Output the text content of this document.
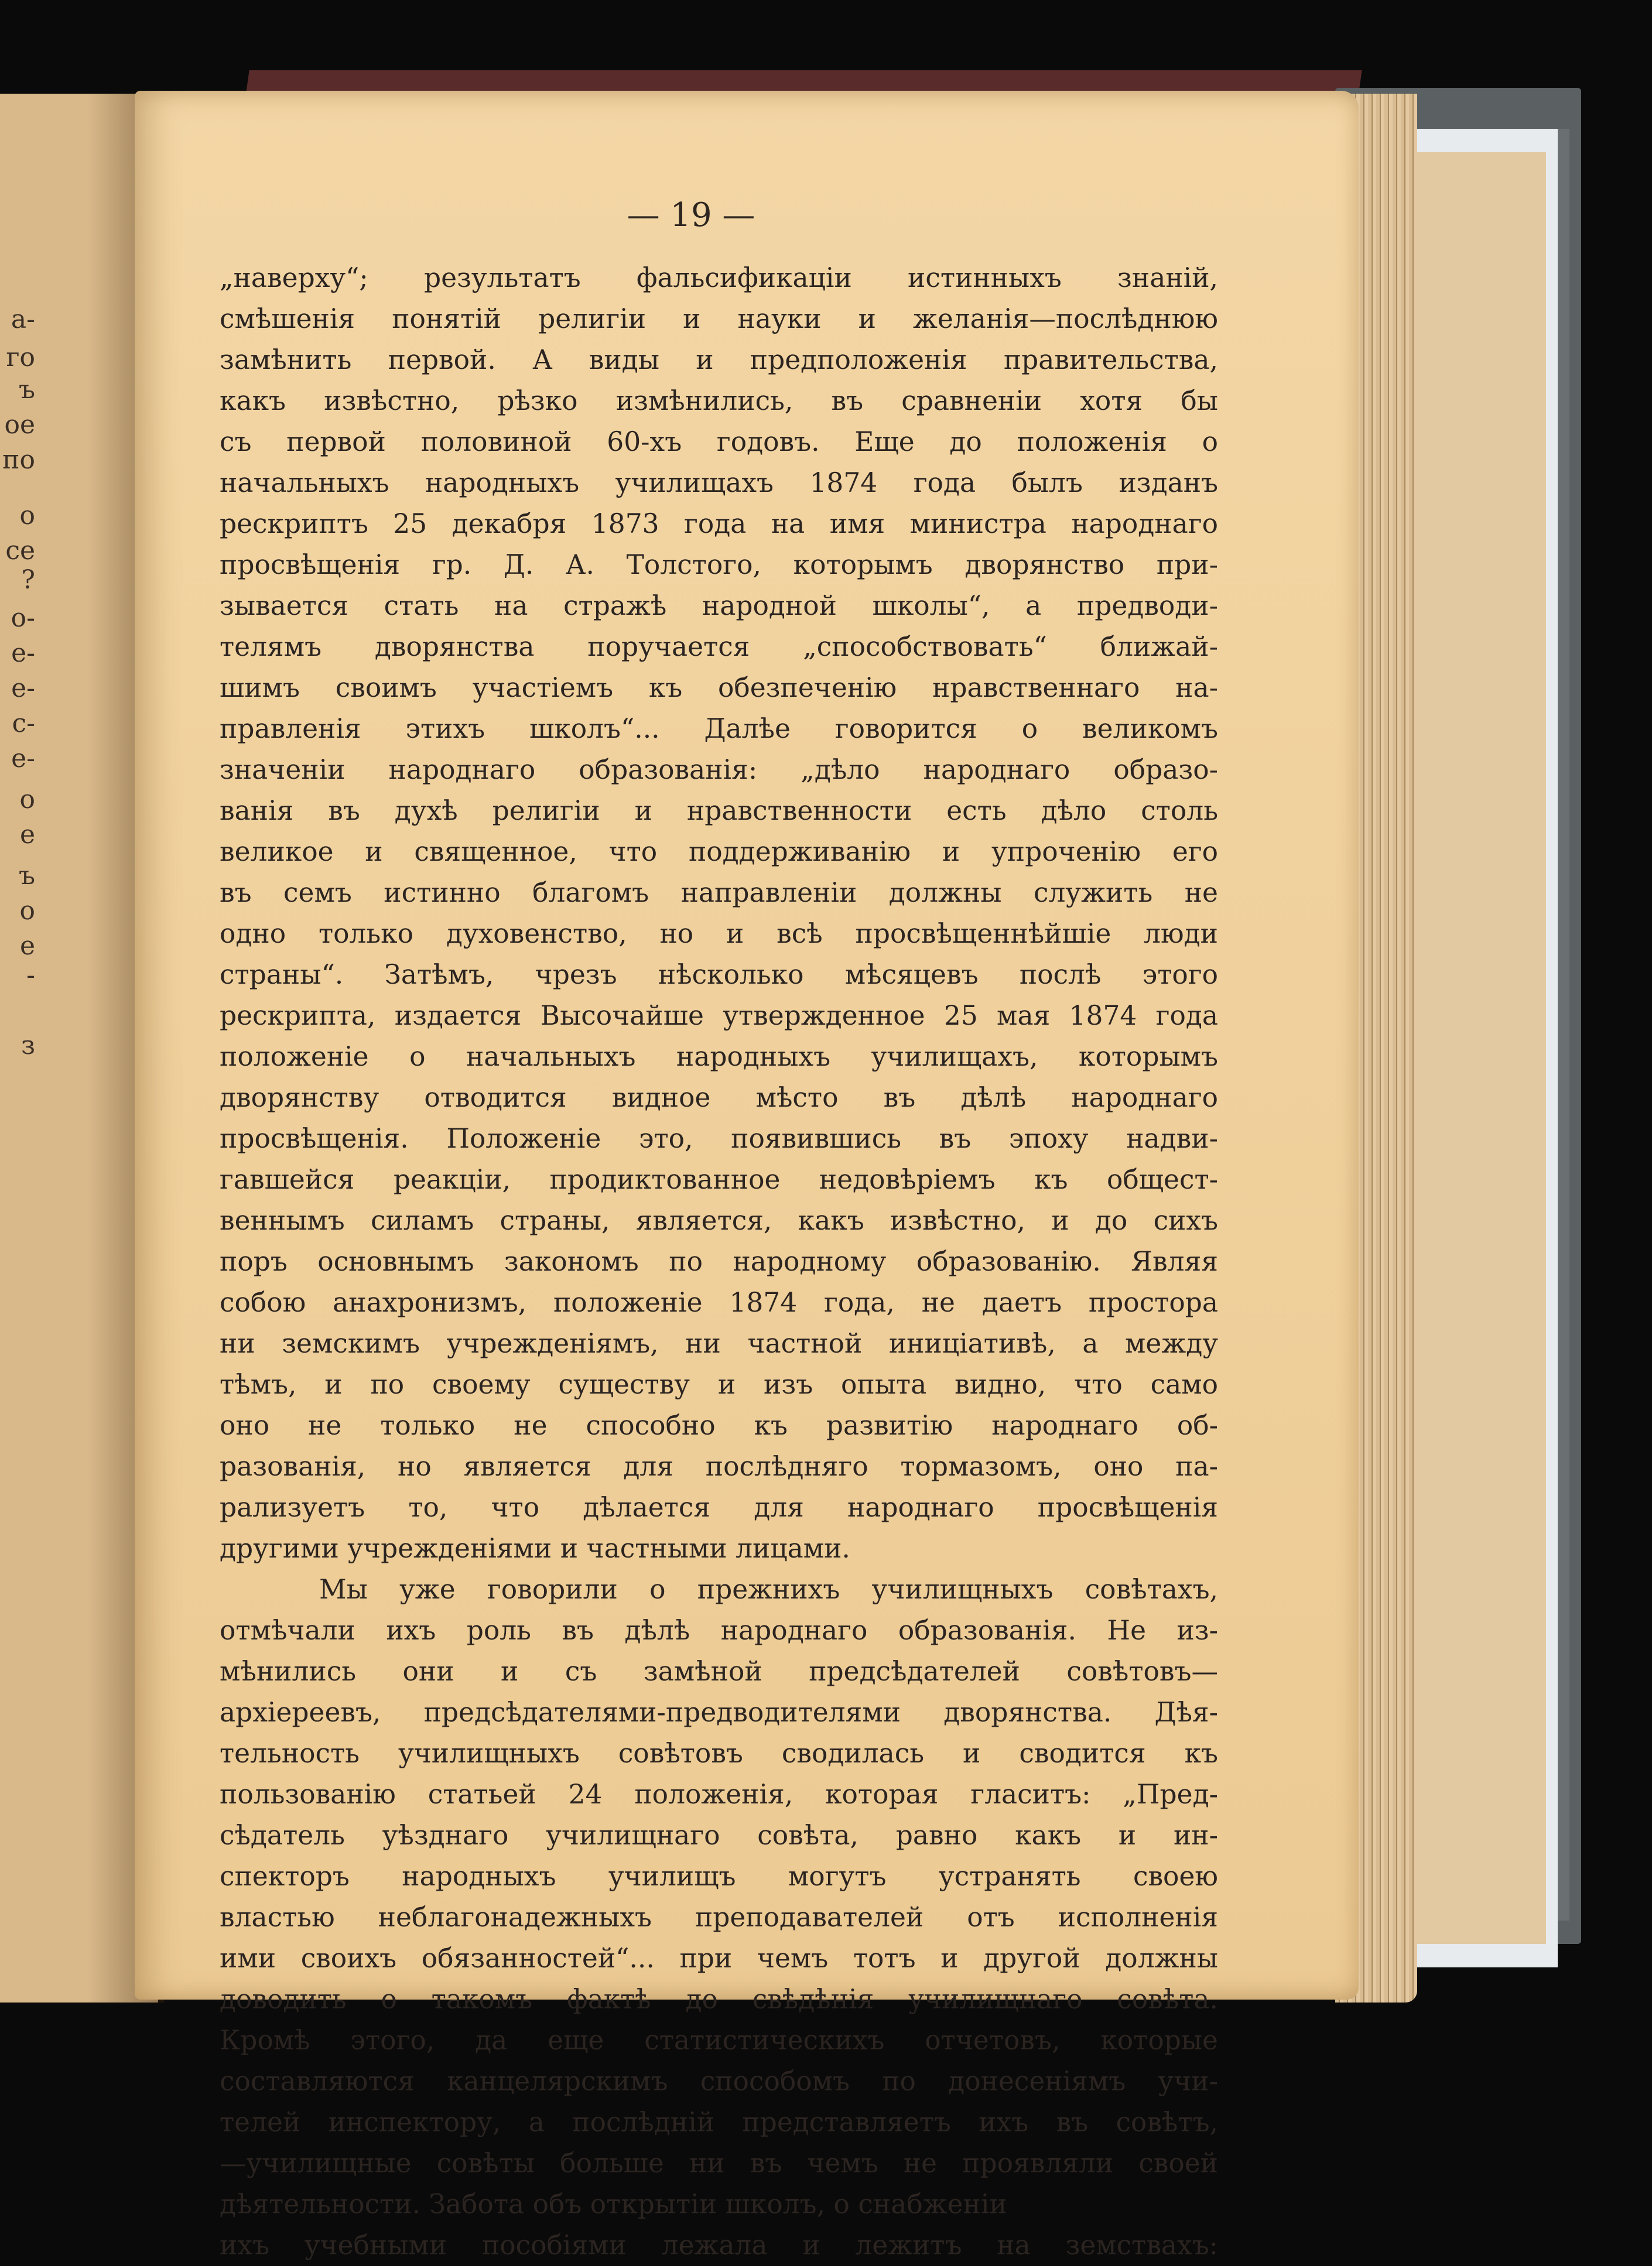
а-
го
ъ
ое
по
о
се
?
о-
е-
е-
с-
е-
о
е
ъ
о
е
-
з
— 19 —
„наверху“; результатъ фальсификаціи истинныхъ знаній,
смѣшенія понятій религіи и науки и желанія—послѣднюю
замѣнить первой. А виды и предположенія правительства,
какъ извѣстно, рѣзко измѣнились, въ сравненіи хотя бы
съ первой половиной 60-хъ годовъ. Еще до положенія о
начальныхъ народныхъ училищахъ 1874 года былъ изданъ
рескриптъ 25 декабря 1873 года на имя министра народнаго
просвѣщенія гр. Д. А. Толстого, которымъ дворянство при-
зывается стать на стражѣ народной школы“, а предводи-
телямъ дворянства поручается „способствовать“ ближай-
шимъ своимъ участіемъ къ обезпеченію нравственнаго на-
правленія этихъ школъ“... Далѣе говорится о великомъ
значеніи народнаго образованія: „дѣло народнаго образо-
ванія въ духѣ религіи и нравственности есть дѣло столь
великое и священное, что поддерживанію и упроченію его
въ семъ истинно благомъ направленіи должны служить не
одно только духовенство, но и всѣ просвѣщеннѣйшіе люди
страны“. Затѣмъ, чрезъ нѣсколько мѣсяцевъ послѣ этого
рескрипта, издается Высочайше утвержденное 25 мая 1874 года
положеніе о начальныхъ народныхъ училищахъ, которымъ
дворянству отводится видное мѣсто въ дѣлѣ народнаго
просвѣщенія. Положеніе это, появившись въ эпоху надви-
гавшейся реакціи, продиктованное недовѣріемъ къ общест-
веннымъ силамъ страны, является, какъ извѣстно, и до сихъ
поръ основнымъ закономъ по народному образованію. Являя
собою анахронизмъ, положеніе 1874 года, не даетъ простора
ни земскимъ учрежденіямъ, ни частной иниціативѣ, а между
тѣмъ, и по своему существу и изъ опыта видно, что само
оно не только не способно къ развитію народнаго об-
разованія, но является для послѣдняго тормазомъ, оно па-
рализуетъ то, что дѣлается для народнаго просвѣщенія
другими учрежденіями и частными лицами.
Мы уже говорили о прежнихъ училищныхъ совѣтахъ,
отмѣчали ихъ роль въ дѣлѣ народнаго образованія. Не из-
мѣнились они и съ замѣной предсѣдателей совѣтовъ—
архіереевъ, предсѣдателями-предводителями дворянства. Дѣя-
тельность училищныхъ совѣтовъ сводилась и сводится къ
пользованію статьей 24 положенія, которая гласитъ: „Пред-
сѣдатель уѣзднаго училищнаго совѣта, равно какъ и ин-
спекторъ народныхъ училищъ могутъ устранять своею
властью неблагонадежныхъ преподавателей отъ исполненія
ими своихъ обязанностей“... при чемъ тотъ и другой должны
доводить о такомъ фактѣ до свѣдѣнія училищнаго совѣта.
Кромѣ этого, да еще статистическихъ отчетовъ, которые
составляются канцелярскимъ способомъ по донесеніямъ учи-
телей инспектору, а послѣдній представляетъ ихъ въ совѣтъ,
—училищные совѣты больше ни въ чемъ не проявляли своей
дѣятельности. Забота объ открытіи школъ, о снабженіи
ихъ учебными пособіями лежала и лежитъ на земствахъ:
